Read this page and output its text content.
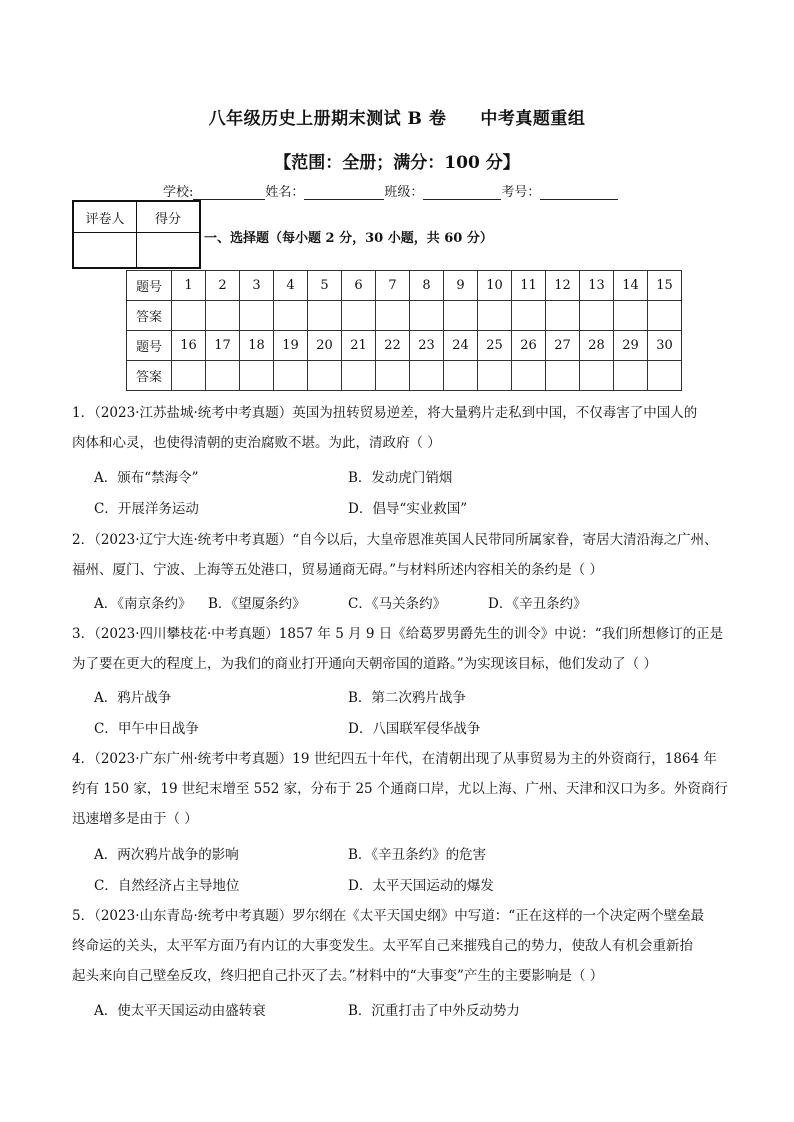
八年级历史上册期末测试 B 卷 中考真题重组
【范围：全册；满分：100 分】
学校:	姓名：	班级：	考号：
评卷人	得分

一、选择题（每小题 2 分，30 小题，共 60 分）
题号	1	2	3	4	5	6	7	8	9	10	11	12	13	14	15
答案															
题号	16	17	18	19	20	21	22	23	24	25	26	27	28	29	30
答案															
1．（2023·江苏盐城·统考中考真题）英国为扭转贸易逆差，将大量鸦片走私到中国，不仅毒害了中国人的
肉体和心灵，也使得清朝的吏治腐败不堪。为此，清政府（ ）
A．颁布“禁海令”	B．发动虎门销烟
C．开展洋务运动	D．倡导“实业救国”
2．（2023·辽宁大连·统考中考真题）“自今以后，大皇帝恩准英国人民带同所属家眷，寄居大清沿海之广州、
福州、厦门、宁波、上海等五处港口，贸易通商无碍。”与材料所述内容相关的条约是（ ）
A．《南京条约》 B．《望厦条约》	C．《马关条约》	D．《辛丑条约》
3．（2023·四川攀枝花·中考真题）1857 年 5 月 9 日《给葛罗男爵先生的训令》中说：“我们所想修订的正是
为了要在更大的程度上，为我们的商业打开通向天朝帝国的道路。”为实现该目标，他们发动了（ ）
A．鸦片战争	B．第二次鸦片战争
C．甲午中日战争	D．八国联军侵华战争
4．（2023·广东广州·统考中考真题）19 世纪四五十年代，在清朝出现了从事贸易为主的外资商行，1864 年
约有 150 家，19 世纪末增至 552 家，分布于 25 个通商口岸，尤以上海、广州、天津和汉口为多。外资商行
迅速增多是由于（ ）
A．两次鸦片战争的影响	B．《辛丑条约》的危害
C．自然经济占主导地位	D．太平天国运动的爆发
5．（2023·山东青岛·统考中考真题）罗尔纲在《太平天国史纲》中写道：“正在这样的一个决定两个壁垒最
终命运的关头，太平军方面乃有内讧的大事变发生。太平军自己来摧残自己的势力，使敌人有机会重新抬
起头来向自己壁垒反攻，终归把自己扑灭了去。”材料中的“大事变”产生的主要影响是（ ）
A．使太平天国运动由盛转衰	B．沉重打击了中外反动势力
